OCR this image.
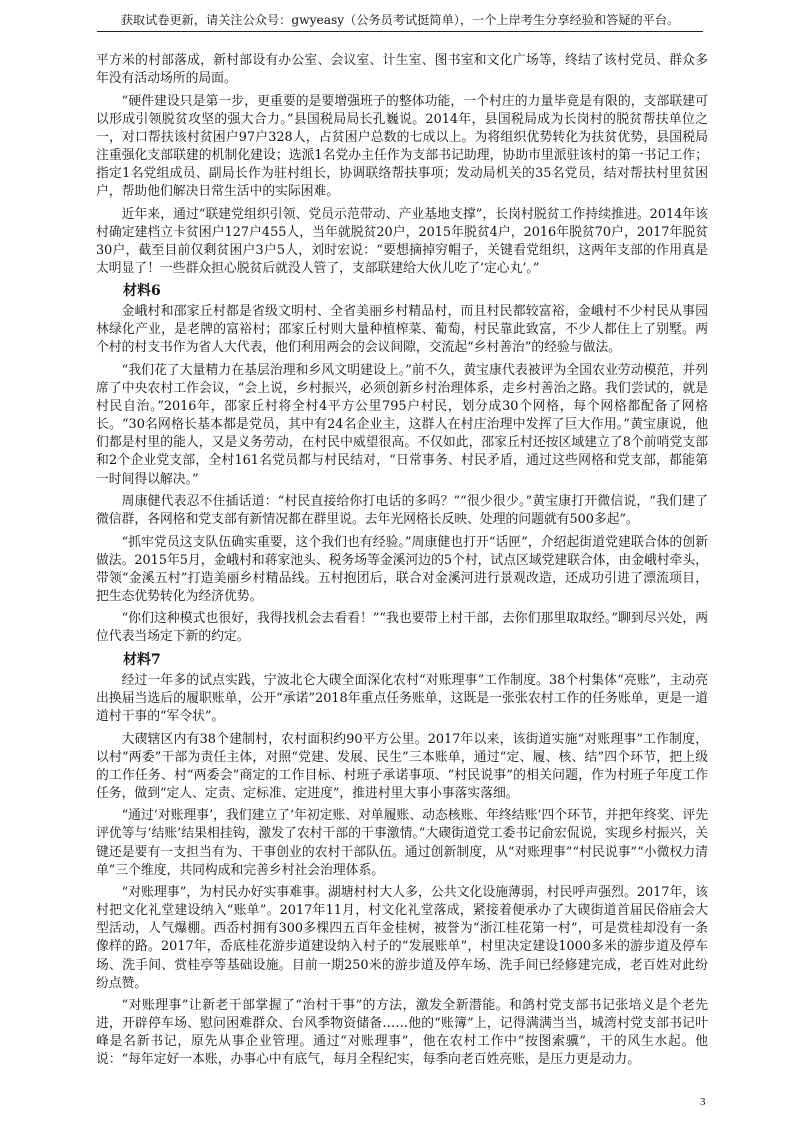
获取试卷更新，请关注公众号：gwyeasy（公务员考试挺简单），一个上岸考生分享经验和答疑的平台。

平方米的村部落成，新村部设有办公室、会议室、计生室、图书室和文化广场等，终结了该村党员、群众多年没有活动场所的局面。

“硬件建设只是第一步，更重要的是要增强班子的整体功能，一个村庄的力量毕竟是有限的，支部联建可以形成引领脱贫攻坚的强大合力。”县国税局局长孔巍说。2014年，县国税局成为长岗村的脱贫帮扶单位之一，对口帮扶该村贫困户97户328人，占贫困户总数的七成以上。为将组织优势转化为扶贫优势，县国税局注重强化支部联建的机制化建设；选派1名党办主任作为支部书记助理，协助市里派驻该村的第一书记工作；指定1名党组成员、副局长作为驻村组长，协调联络帮扶事项；发动局机关的35名党员，结对帮扶村里贫困户，帮助他们解决日常生活中的实际困难。

近年来，通过“联建党组织引领、党员示范带动、产业基地支撑”，长岗村脱贫工作持续推进。2014年该村确定建档立卡贫困户127户455人，当年就脱贫20户，2015年脱贫4户，2016年脱贫70户，2017年脱贫30户，截至目前仅剩贫困户3户5人，刘时宏说：“要想摘掉穷帽子，关键看党组织，这两年支部的作用真是太明显了！一些群众担心脱贫后就没人管了，支部联建给大伙儿吃了‘定心丸’。”

材料6

金峨村和邵家丘村都是省级文明村、全省美丽乡村精品村，而且村民都较富裕，金峨村不少村民从事园林绿化产业，是老牌的富裕村；邵家丘村则大量种植榨菜、葡萄，村民靠此致富，不少人都住上了别墅。两个村的村支书作为省人大代表，他们利用两会的会议间隙，交流起“乡村善治”的经验与做法。

“我们花了大量精力在基层治理和乡风文明建设上。”前不久，黄宝康代表被评为全国农业劳动模范，并列席了中央农村工作会议，“会上说，乡村振兴，必须创新乡村治理体系，走乡村善治之路。我们尝试的，就是村民自治。”2016年，邵家丘村将全村4平方公里795户村民，划分成30个网格，每个网格都配备了网格长。“30名网格长基本都是党员，其中有24名企业主，这群人在村庄治理中发挥了巨大作用。”黄宝康说，他们都是村里的能人，又是义务劳动，在村民中威望很高。不仅如此，邵家丘村还按区域建立了8个前哨党支部和2个企业党支部，全村161名党员都与村民结对，“日常事务、村民矛盾，通过这些网格和党支部，都能第一时间得以解决。”

周康健代表忍不住插话道：“村民直接给你打电话的多吗？”“很少很少。”黄宝康打开微信说，“我们建了微信群，各网格和党支部有新情况都在群里说。去年光网格长反映、处理的问题就有500多起”。

“抓牢党员这支队伍确实重要，这个我们也有经验。”周康健也打开“话匣”，介绍起街道党建联合体的创新做法。2015年5月，金峨村和蒋家池头、税务场等金溪河边的5个村，试点区域党建联合体，由金峨村牵头，带领“金溪五村”打造美丽乡村精品线。五村抱团后，联合对金溪河进行景观改造，还成功引进了漂流项目，把生态优势转化为经济优势。

“你们这种模式也很好，我得找机会去看看！”“我也要带上村干部，去你们那里取取经。”聊到尽兴处，两位代表当场定下新的约定。

材料7

经过一年多的试点实践，宁波北仑大碶全面深化农村“对账理事”工作制度。38个村集体“亮账”，主动亮出换届当选后的履职账单，公开“承诺”2018年重点任务账单，这既是一张张农村工作的任务账单，更是一道道村干事的“军令状”。

大碶辖区内有38个建制村，农村面积约90平方公里。2017年以来，该街道实施“对账理事”工作制度，以村“两委”干部为责任主体，对照“党建、发展、民生”三本账单，通过“定、履、核、结”四个环节，把上级的工作任务、村“两委会”商定的工作目标、村班子承诺事项、“村民说事”的相关问题，作为村班子年度工作任务，做到“定人、定责、定标准、定进度”，推进村里大事小事落实落细。

“通过‘对账理事’，我们建立了‘年初定账、对单履账、动态核账、年终结账’四个环节，并把年终奖、评先评优等与‘结账’结果相挂钩，激发了农村干部的干事激情。”大碶街道党工委书记俞宏侃说，实现乡村振兴，关键还是要有一支担当有为、干事创业的农村干部队伍。通过创新制度，从“对账理事”“村民说事”“小微权力清单”三个维度，共同构成和完善乡村社会治理体系。

“对账理事”，为村民办好实事难事。湖塘村村大人多，公共文化设施薄弱，村民呼声强烈。2017年，该村把文化礼堂建设纳入“账单”。2017年11月，村文化礼堂落成，紧接着便承办了大碶街道首届民俗庙会大型活动，人气爆棚。西岙村拥有300多棵四五百年金桂树，被誉为“浙江桂花第一村”，可是赏桂却没有一条像样的路。2017年，岙底桂花游步道建设纳入村子的“发展账单”，村里决定建设1000多米的游步道及停车场、洗手间、赏桂亭等基础设施。目前一期250米的游步道及停车场、洗手间已经修建完成，老百姓对此纷纷点赞。

“对账理事”让新老干部掌握了“治村干事”的方法，激发全新潜能。和鸽村党支部书记张培义是个老先进，开辟停车场、慰问困难群众、台风季物资储备……他的“账簿”上，记得满满当当，城湾村党支部书记叶峰是名新书记，原先从事企业管理。通过“对账理事”，他在农村工作中“按图索骥”，干的风生水起。他说：“每年定好一本账，办事心中有底气，每月全程纪实，每季向老百姓亮账，是压力更是动力。

3
